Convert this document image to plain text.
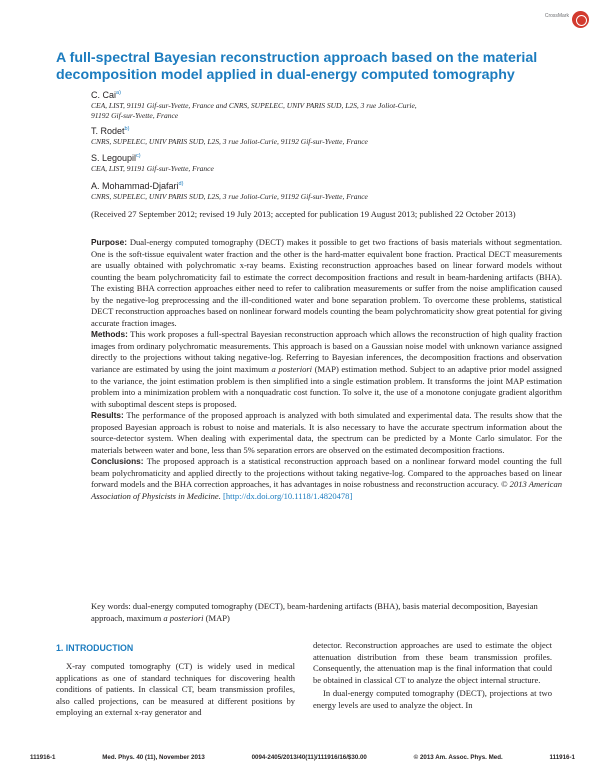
CrossMark
A full-spectral Bayesian reconstruction approach based on the material decomposition model applied in dual-energy computed tomography
C. Cai$^{a)}$
CEA, LIST, 91191 Gif-sur-Yvette, France and CNRS, SUPELEC, UNIV PARIS SUD, L2S, 3 rue Joliot-Curie, 91192 Gif-sur-Yvette, France
T. Rodet$^{b)}$
CNRS, SUPELEC, UNIV PARIS SUD, L2S, 3 rue Joliot-Curie, 91192 Gif-sur-Yvette, France
S. Legoupil$^{c)}$
CEA, LIST, 91191 Gif-sur-Yvette, France
A. Mohammad-Djafari$^{d)}$
CNRS, SUPELEC, UNIV PARIS SUD, L2S, 3 rue Joliot-Curie, 91192 Gif-sur-Yvette, France

(Received 27 September 2012; revised 19 July 2013; accepted for publication 19 August 2013; published 22 October 2013)

Purpose: Dual-energy computed tomography (DECT) makes it possible to get two fractions of basis materials without segmentation. One is the soft-tissue equivalent water fraction and the other is the hard-matter equivalent bone fraction. Practical DECT measurements are usually obtained with polychromatic x-ray beams. Existing reconstruction approaches based on linear forward models without counting the beam polychromaticity fail to estimate the correct decomposition fractions and result in beam-hardening artifacts (BHA). The existing BHA correction approaches either need to refer to calibration measurements or suffer from the noise amplification caused by the negative-log preprocessing and the ill-conditioned water and bone separation problem. To overcome these problems, statistical DECT reconstruction approaches based on nonlinear forward models counting the beam polychromaticity show great potential for giving accurate fraction images.

Methods: This work proposes a full-spectral Bayesian reconstruction approach which allows the reconstruction of high quality fraction images from ordinary polychromatic measurements. This approach is based on a Gaussian noise model with unknown variance assigned directly to the projections without taking negative-log. Referring to Bayesian inferences, the decomposition fractions and observation variance are estimated by using the joint maximum a posteriori (MAP) estimation method. Subject to an adaptive prior model assigned to the variance, the joint estimation problem is then simplified into a single estimation problem. It transforms the joint MAP estimation problem into a minimization problem with a nonquadratic cost function. To solve it, the use of a monotone conjugate gradient algorithm with suboptimal descent steps is proposed.

Results: The performance of the proposed approach is analyzed with both simulated and experimental data. The results show that the proposed Bayesian approach is robust to noise and materials. It is also necessary to have the accurate spectrum information about the source-detector system. When dealing with experimental data, the spectrum can be predicted by a Monte Carlo simulator. For the materials between water and bone, less than 5% separation errors are observed on the estimated decomposition fractions.

Conclusions: The proposed approach is a statistical reconstruction approach based on a nonlinear forward model counting the full beam polychromaticity and applied directly to the projections without taking negative-log. Compared to the approaches based on linear forward models and the BHA correction approaches, it has advantages in noise robustness and reconstruction accuracy. © 2013 American Association of Physicists in Medicine. [http://dx.doi.org/10.1118/1.4820478]

Key words: dual-energy computed tomography (DECT), beam-hardening artifacts (BHA), basis material decomposition, Bayesian approach, maximum a posteriori (MAP)

1. INTRODUCTION

X-ray computed tomography (CT) is widely used in medical applications as one of standard techniques for discovering health conditions of patients. In classical CT, beam transmission profiles, also called projections, can be measured at different positions by employing an external x-ray generator and

detector. Reconstruction approaches are used to estimate the object attenuation distribution from these beam transmission profiles. Consequently, the attenuation map is the final information that could be obtained in classical CT to analyze the object internal structure.

In dual-energy computed tomography (DECT), projections at two energy levels are used to analyze the object. In

111916-1	Med. Phys. 40 (11), November 2013	0094-2405/2013/40(11)/111916/16/$30.00	© 2013 Am. Assoc. Phys. Med.	111916-1
